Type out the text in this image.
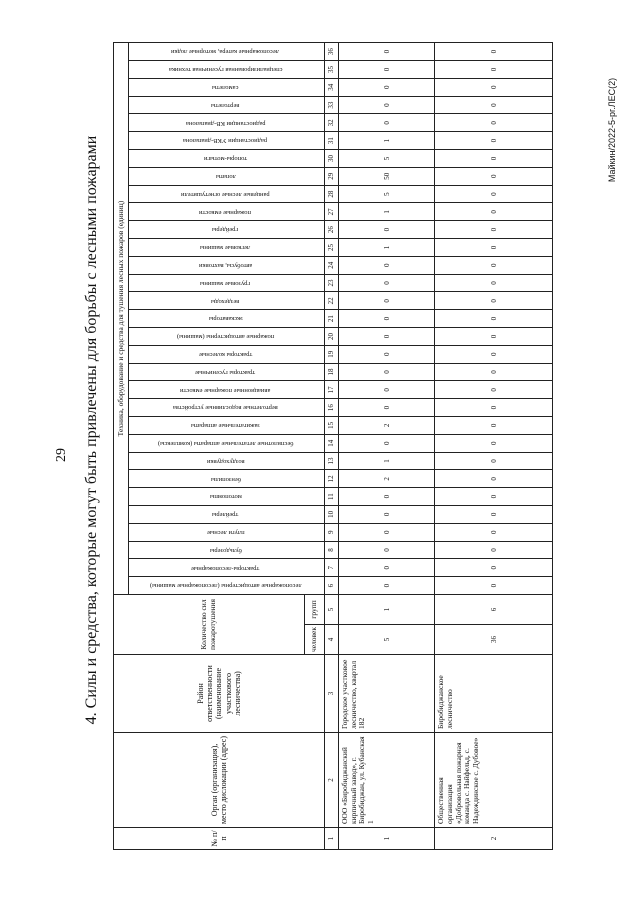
29 4. Силы и средства, которые могут быть привлечены для борьбы с лесными пожарами
Майкин/2022-5-рг.ЛЕС(2)
№ п/п	Орган (организация), место дислокации (адрес)	Район ответственности (наименование участкового лесничества)	Количество сил пожаротушения		Техника, оборудование и средства для тушения лесных пожаров (единиц)																														
					лесопожарные автоцистерны (лесопожарные машины)	тракторы-лесопожарные	бульдозеры	плуги лесные	трейлеры	мотопомпы	бензопилы	воздуходувки	беспилотные летательные аппараты (комплексы)	зажигательные аппараты	вертолетные водосливные устройства	авиационные пожарные емкости	тракторы гусеничные	тракторы колесные	пожарные автоцистерны (машины)	экскаваторы	вездеходы	грузовые машины	автобусы, вахтовки	легковые машины	грейдеры	пожарные емкости	ранцевые лесные огнетушители	лопаты	топоры-мотыги	радиостанции УКВ-диапазона	радиостанции КВ-диапазона	вертолеты	самолеты	специализированная гусеничная техника	лесопожарные катера, моторные лодки
			человек	групп																															
1	2	3	4	5	6	7	8	9	10	11	12	13	14	15	16	17	18	19	20	21	22	23	24	25	26	27	28	29	30	31	32	33	34	35	36
1	ООО «Биробиджанский кирпичный завод», г. Биробиджан, ул. Кубанская 1	Городское участковое лесничество, квартал 182	5	1	0	0	0	0	0	0	2	1	0	2	0	0	0	0	0	0	0	0	0	1	0	1	5	50	5	1	0	0	0	0	0
2	Общественная организация «Добровольная пожарная команда с. Найфельд, с. Надеждинское с. Дубовое»	Биробиджанское лесничество	36	6	0	0	0	0	0	0	0	0	0	0	0	0	0	0	0	0	0	0	0	0	0	0	0	0	0	0	0	0	0	0	0
